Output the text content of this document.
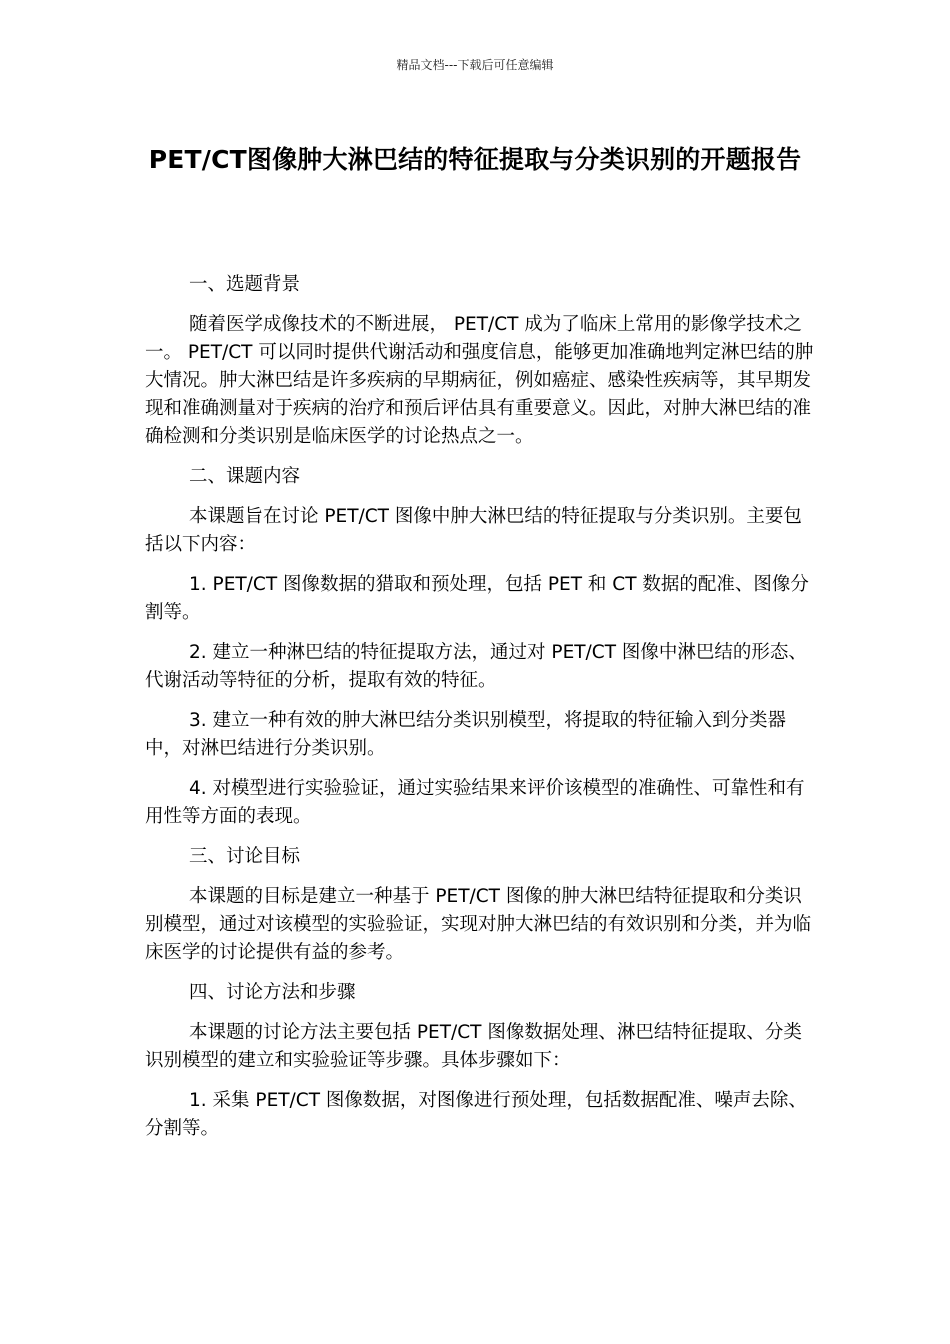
精品文档---下载后可任意编辑
PET/CT图像肿大淋巴结的特征提取与分类识别的开题报告

一、选题背景

随着医学成像技术的不断进展， PET/CT 成为了临床上常用的影像学技术之一。 PET/CT 可以同时提供代谢活动和强度信息，能够更加准确地判定淋巴结的肿大情况。肿大淋巴结是许多疾病的早期病征，例如癌症、感染性疾病等，其早期发现和准确测量对于疾病的治疗和预后评估具有重要意义。因此，对肿大淋巴结的准确检测和分类识别是临床医学的讨论热点之一。

二、课题内容

本课题旨在讨论 PET/CT 图像中肿大淋巴结的特征提取与分类识别。主要包括以下内容：

1. PET/CT 图像数据的猎取和预处理，包括 PET 和 CT 数据的配准、图像分割等。

2. 建立一种淋巴结的特征提取方法，通过对 PET/CT 图像中淋巴结的形态、代谢活动等特征的分析，提取有效的特征。

3. 建立一种有效的肿大淋巴结分类识别模型，将提取的特征输入到分类器中，对淋巴结进行分类识别。

4. 对模型进行实验验证，通过实验结果来评价该模型的准确性、可靠性和有用性等方面的表现。

三、讨论目标

本课题的目标是建立一种基于 PET/CT 图像的肿大淋巴结特征提取和分类识别模型，通过对该模型的实验验证，实现对肿大淋巴结的有效识别和分类，并为临床医学的讨论提供有益的参考。

四、讨论方法和步骤

本课题的讨论方法主要包括 PET/CT 图像数据处理、淋巴结特征提取、分类识别模型的建立和实验验证等步骤。具体步骤如下：

1. 采集 PET/CT 图像数据，对图像进行预处理，包括数据配准、噪声去除、分割等。
